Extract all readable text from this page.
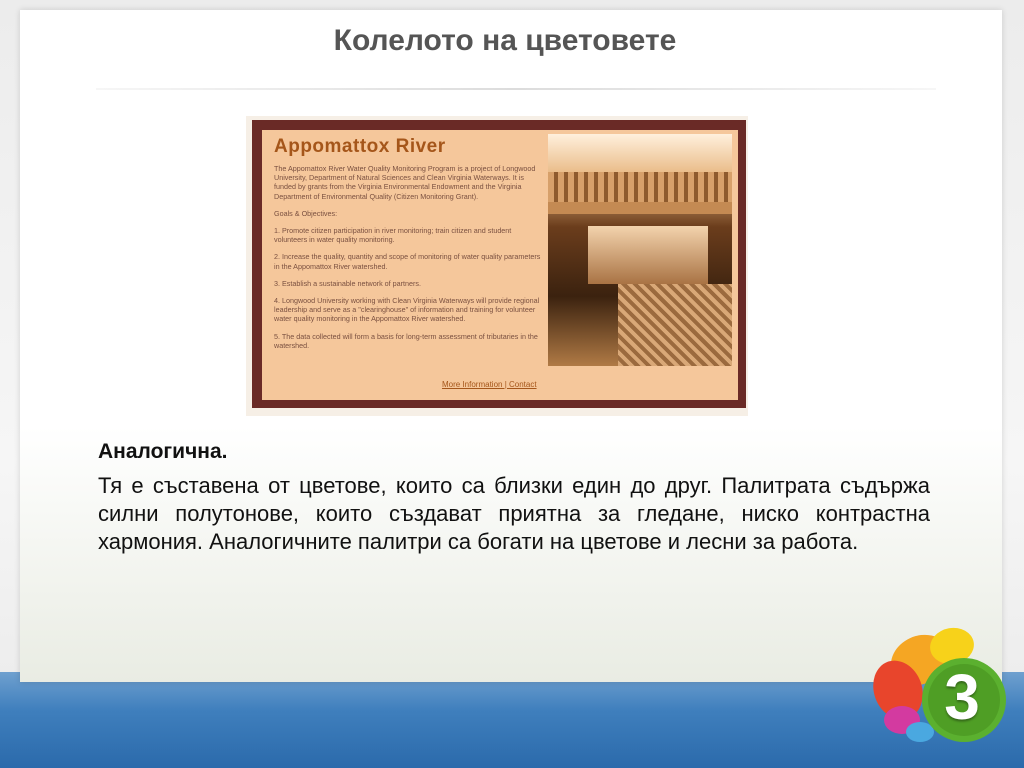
Колелото на цветовете
Appomattox River

The Appomattox River Water Quality Monitoring Program is a project of Longwood University, Department of Natural Sciences and Clean Virginia Waterways. It is funded by grants from the Virginia Environmental Endowment and the Virginia Department of Environmental Quality (Citizen Monitoring Grant).

Goals & Objectives:

1. Promote citizen participation in river monitoring; train citizen and student volunteers in water quality monitoring.

2. Increase the quality, quantity and scope of monitoring of water quality parameters in the Appomattox River watershed.

3. Establish a sustainable network of partners.

4. Longwood University working with Clean Virginia Waterways will provide regional leadership and serve as a "clearinghouse" of information and training for volunteer water quality monitoring in the Appomattox River watershed.

5. The data collected will form a basis for long-term assessment of tributaries in the watershed.

More Information | Contact
Аналогична.

Тя е съставена от цветове, които са близки един до друг. Палитрата съдържа силни полутонове, които създават приятна за гледане, ниско контрастна хармония. Аналогичните палитри са богати на цветове и лесни за работа.

3
